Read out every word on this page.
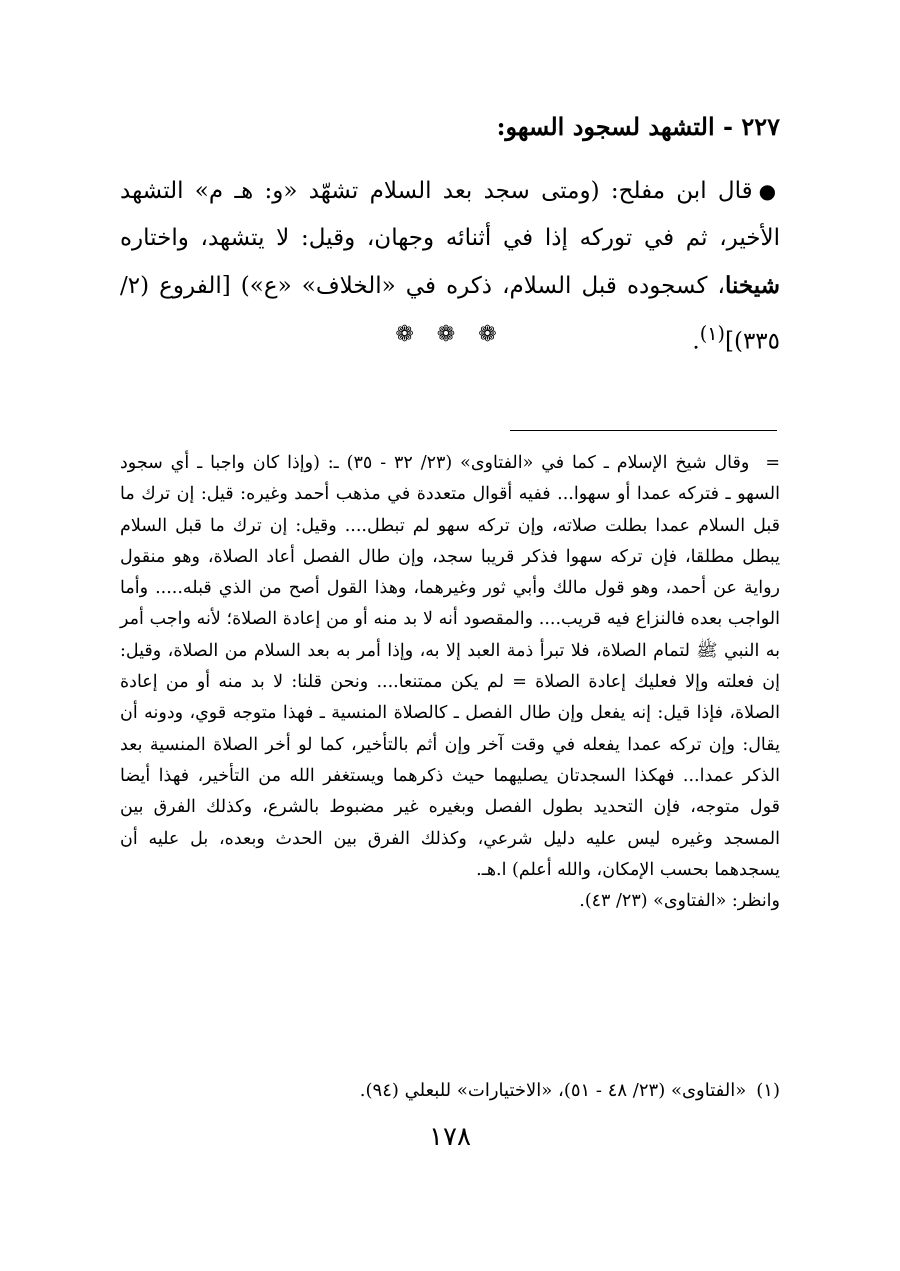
٢٢٧ - التشهد لسجود السهو:

●قال ابن مفلح: (ومتى سجد بعد السلام تشهّد «و: هـ م» التشهد الأخير، ثم في توركه إذا في أثنائه وجهان، وقيل: لا يتشهد، واختاره شيخنا، كسجوده قبل السلام، ذكره في «الخلاف» «ع») [الفروع (٢/ ٣٣٥)]$^{(١)}$.

❁ ❁ ❁

=وقال شيخ الإسلام ـ كما في «الفتاوى» (٢٣/ ٣٢ - ٣٥) ـ: (وإذا كان واجبا ـ أي سجود السهو ـ فتركه عمدا أو سهوا... ففيه أقوال متعددة في مذهب أحمد وغيره: قيل: إن ترك ما قبل السلام عمدا بطلت صلاته، وإن تركه سهو لم تبطل.... وقيل: إن ترك ما قبل السلام يبطل مطلقا، فإن تركه سهوا فذكر قريبا سجد، وإن طال الفصل أعاد الصلاة، وهو منقول رواية عن أحمد، وهو قول مالك وأبي ثور وغيرهما، وهذا القول أصح من الذي قبله..... وأما الواجب بعده فالنزاع فيه قريب.... والمقصود أنه لا بد منه أو من إعادة الصلاة؛ لأنه واجب أمر به النبي ﷺ لتمام الصلاة، فلا تبرأ ذمة العبد إلا به، وإذا أمر به بعد السلام من الصلاة، وقيل: إن فعلته وإلا فعليك إعادة الصلاة = لم يكن ممتنعا.... ونحن قلنا: لا بد منه أو من إعادة الصلاة، فإذا قيل: إنه يفعل وإن طال الفصل ـ كالصلاة المنسية ـ فهذا متوجه قوي، ودونه أن يقال: وإن تركه عمدا يفعله في وقت آخر وإن أثم بالتأخير، كما لو أخر الصلاة المنسية بعد الذكر عمدا... فهكذا السجدتان يصليهما حيث ذكرهما ويستغفر الله من التأخير، فهذا أيضا قول متوجه، فإن التحديد بطول الفصل وبغيره غير مضبوط بالشرع، وكذلك الفرق بين المسجد وغيره ليس عليه دليل شرعي، وكذلك الفرق بين الحدث وبعده، بل عليه أن يسجدهما بحسب الإمكان، والله أعلم) ا.هـ.

وانظر: «الفتاوى» (٢٣/ ٤٣).

(١)«الفتاوى» (٢٣/ ٤٨ - ٥١)، «الاختيارات» للبعلي (٩٤).
١٧٨
